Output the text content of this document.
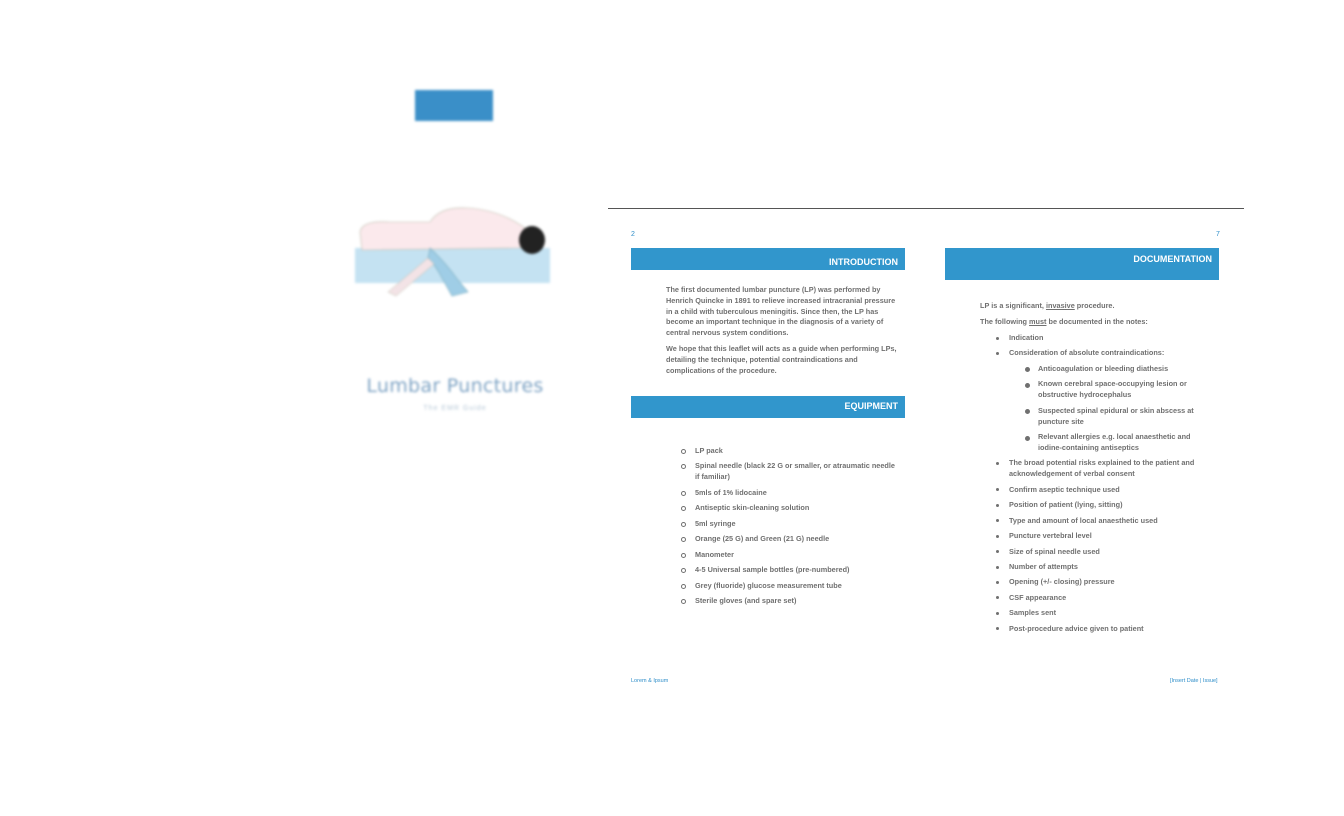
Lumbar Punctures
The EMR Guide
2
INTRODUCTION

The first documented lumbar puncture (LP) was performed by Henrich Quincke in 1891 to relieve increased intracranial pressure in a child with tuberculous meningitis. Since then, the LP has become an important technique in the diagnosis of a variety of central nervous system conditions.

We hope that this leaflet will acts as a guide when performing LPs, detailing the technique, potential contraindications and complications of the procedure.

EQUIPMENT
LP pack
Spinal needle (black 22 G or smaller, or atraumatic needle if familiar)
5mls of 1% lidocaine
Antiseptic skin-cleaning solution
5ml syringe
Orange (25 G) and Green (21 G) needle
Manometer
4-5 Universal sample bottles (pre-numbered)
Grey (fluoride) glucose measurement tube
Sterile gloves (and spare set)
Lorem & Ipsum
7
DOCUMENTATION

LP is a significant, invasive procedure.

The following must be documented in the notes:

Indication
Consideration of absolute contraindications:
Anticoagulation or bleeding diathesis
Known cerebral space-occupying lesion or obstructive hydrocephalus
Suspected spinal epidural or skin abscess at puncture site
Relevant allergies e.g. local anaesthetic and iodine-containing antiseptics
The broad potential risks explained to the patient and acknowledgement of verbal consent
Confirm aseptic technique used
Position of patient (lying, sitting)
Type and amount of local anaesthetic used
Puncture vertebral level
Size of spinal needle used
Number of attempts
Opening (+/- closing) pressure
CSF appearance
Samples sent
Post-procedure advice given to patient
[Insert Date | Issue]
